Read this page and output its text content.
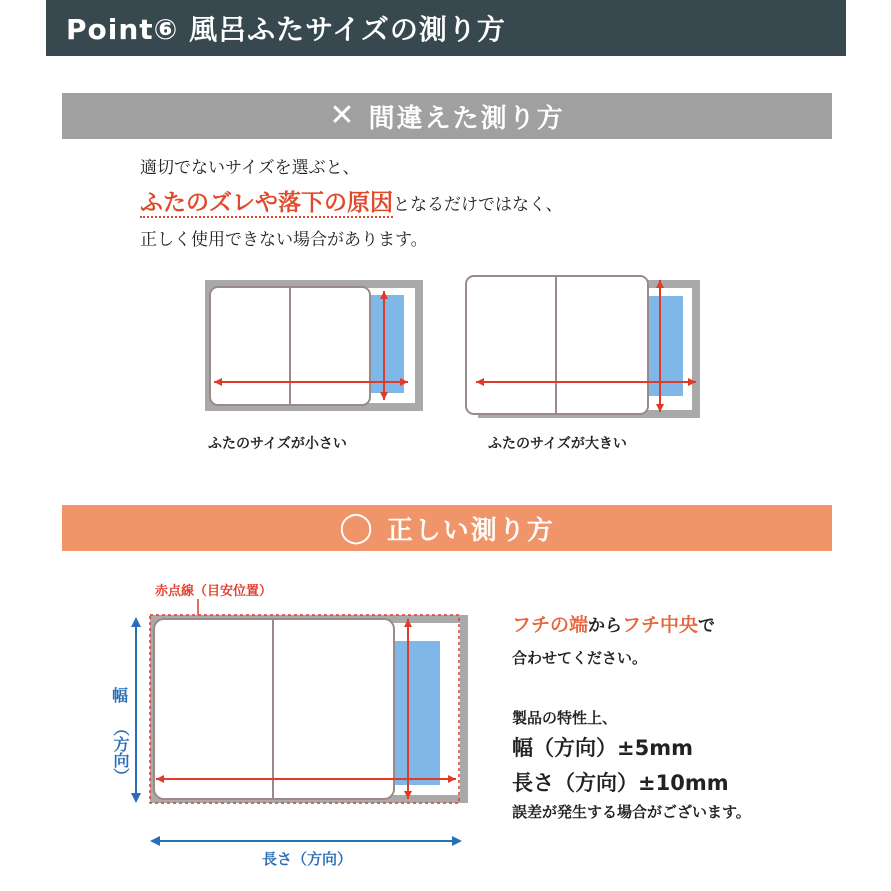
Point⑥ 風呂ふたサイズの測り方
✕ 間違えた測り方
適切でないサイズを選ぶと、
ふたのズレや落下の原因となるだけではなく、
正しく使用できない場合があります。
ふたのサイズが小さい	ふたのサイズが大きい
◯ 正しい測り方
赤点線（目安位置）
幅
（方向）
長さ（方向）
フチの端からフチ中央で
合わせてください。
製品の特性上、
幅（方向）±5mm
長さ（方向）±10mm
誤差が発生する場合がございます。
